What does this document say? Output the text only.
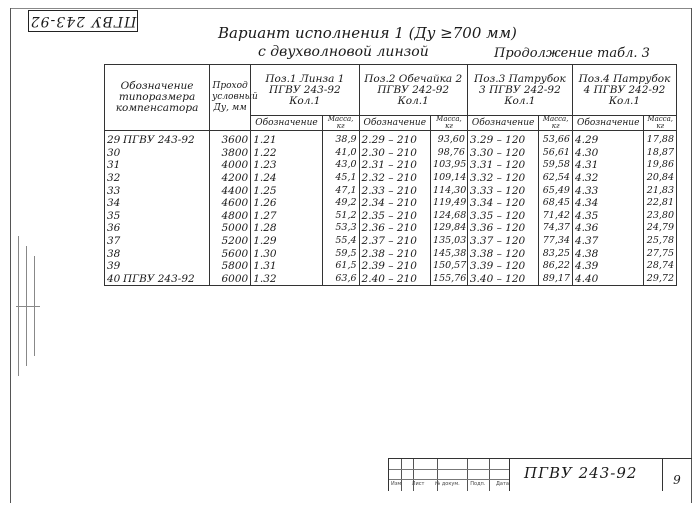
ПГВУ 243-92
Вариант исполнения 1 (Ду ≥700 мм)
с двухволновой линзой	Продолжение табл. 3
Обозначение типоразмера компенсатора	Проход условный Ду, мм	Поз.1 Линза 1 ПГВУ 243-92 Кол.1		Поз.2 Обечайка 2 ПГВУ 242-92 Кол.1		Поз.3 Патрубок 3 ПГВУ 242-92 Кол.1		Поз.4 Патрубок 4 ПГВУ 242-92 Кол.1	
		Обозначение	Масса, кг	Обозначение	Масса, кг	Обозначение	Масса, кг	Обозначение	Масса, кг
29 ПГВУ 243-92	3600	1.21	38,9	2.29 – 210	93,60	3.29 – 120	53,66	4.29	17,88
30	3800	1.22	41,0	2.30 – 210	98,76	3.30 – 120	56,61	4.30	18,87
31	4000	1.23	43,0	2.31 – 210	103,95	3.31 – 120	59,58	4.31	19,86
32	4200	1.24	45,1	2.32 – 210	109,14	3.32 – 120	62,54	4.32	20,84
33	4400	1.25	47,1	2.33 – 210	114,30	3.33 – 120	65,49	4.33	21,83
34	4600	1.26	49,2	2.34 – 210	119,49	3.34 – 120	68,45	4.34	22,81
35	4800	1.27	51,2	2.35 – 210	124,68	3.35 – 120	71,42	4.35	23,80
36	5000	1.28	53,3	2.36 – 210	129,84	3.36 – 120	74,37	4.36	24,79
37	5200	1.29	55,4	2.37 – 210	135,03	3.37 – 120	77,34	4.37	25,78
38	5600	1.30	59,5	2.38 – 210	145,38	3.38 – 120	83,25	4.38	27,75
39	5800	1.31	61,5	2.39 – 210	150,57	3.39 – 120	86,22	4.39	28,74
40 ПГВУ 243-92	6000	1.32	63,6	2.40 – 210	155,76	3.40 – 120	89,17	4.40	29,72
Изм Лист № докум. Подп. Дата
ПГВУ 243-92	9
